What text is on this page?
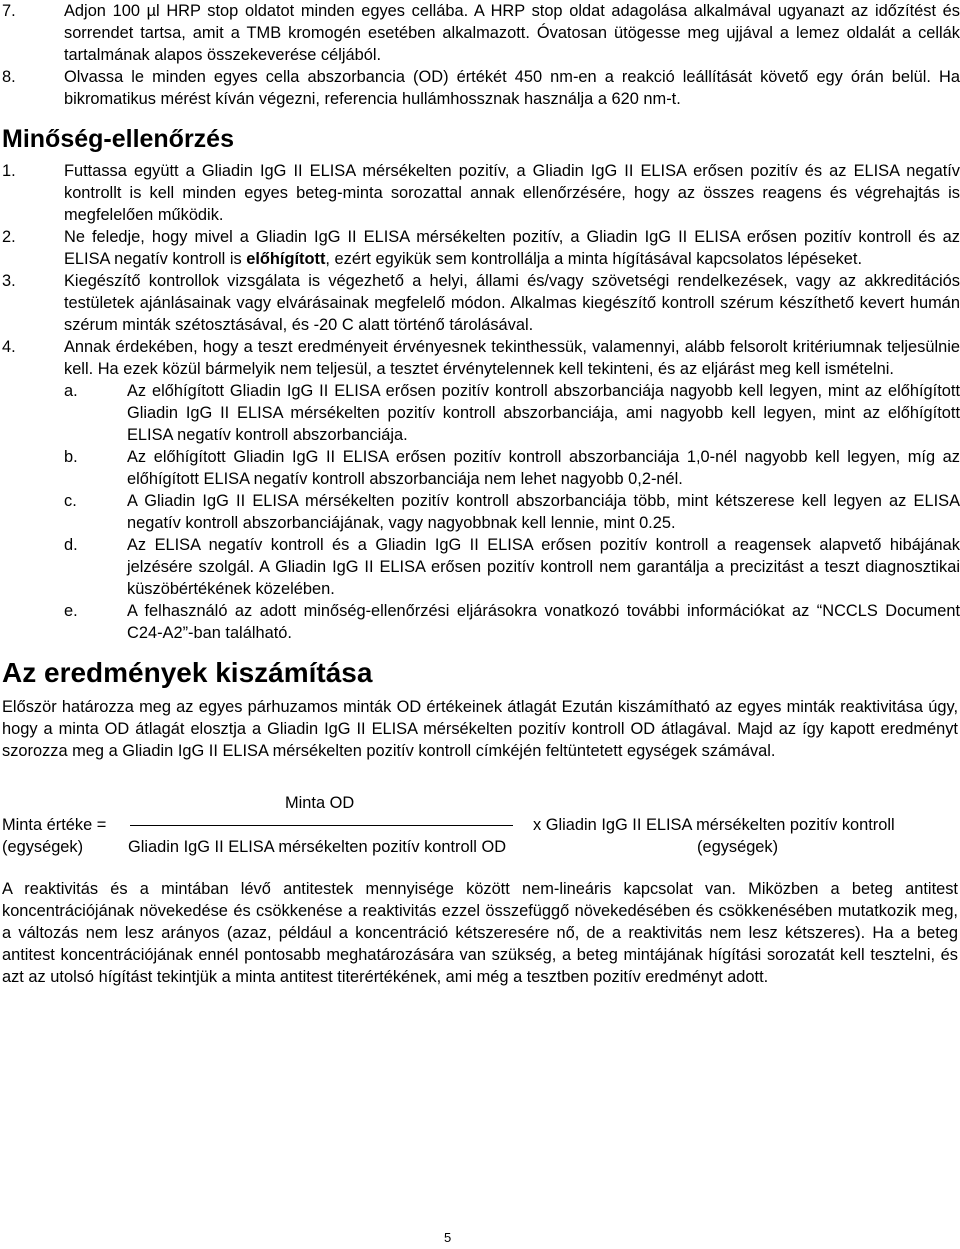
7.	Adjon 100 µl HRP stop oldatot minden egyes cellába. A HRP stop oldat adagolása alkalmával ugyanazt az időzítést és sorrendet tartsa, amit a TMB kromogén esetében alkalmazott. Óvatosan ütögesse meg ujjával a lemez oldalát a cellák tartalmának alapos összekeverése céljából.
8.	Olvassa le minden egyes cella abszorbancia (OD) értékét 450 nm-en a reakció leállítását követő egy órán belül. Ha bikromatikus mérést kíván végezni, referencia hullámhossznak használja a 620 nm-t.
Minőség-ellenőrzés
1.	Futtassa együtt a Gliadin IgG II ELISA mérsékelten pozitív, a Gliadin IgG II ELISA erősen pozitív és az ELISA negatív kontrollt is kell minden egyes beteg-minta sorozattal annak ellenőrzésére, hogy az összes reagens és végrehajtás is megfelelően működik.
2.	Ne feledje, hogy mivel a Gliadin IgG II ELISA mérsékelten pozitív, a Gliadin IgG II ELISA erősen pozitív kontroll és az ELISA negatív kontroll is előhígított, ezért egyikük sem kontrollálja a minta hígításával kapcsolatos lépéseket.
3.	Kiegészítő kontrollok vizsgálata is végezhető a helyi, állami és/vagy szövetségi rendelkezések, vagy az akkreditációs testületek ajánlásainak vagy elvárásainak megfelelő módon. Alkalmas kiegészítő kontroll szérum készíthető kevert humán szérum minták szétosztásával, és -20 C alatt történő tárolásával.
4.	Annak érdekében, hogy a teszt eredményeit érvényesnek tekinthessük, valamennyi, alább felsorolt kritériumnak teljesülnie kell. Ha ezek közül bármelyik nem teljesül, a tesztet érvénytelennek kell tekinteni, és az eljárást meg kell ismételni.
a.	Az előhígított Gliadin IgG II ELISA erősen pozitív kontroll abszorbanciája nagyobb kell legyen, mint az előhígított Gliadin IgG II ELISA mérsékelten pozitív kontroll abszorbanciája, ami nagyobb kell legyen, mint az előhígított ELISA negatív kontroll abszorbanciája.
b.	Az előhígított Gliadin IgG II ELISA erősen pozitív kontroll abszorbanciája 1,0-nél nagyobb kell legyen, míg az előhígított ELISA negatív kontroll abszorbanciája nem lehet nagyobb 0,2-nél.
c.	A Gliadin IgG II ELISA mérsékelten pozitív kontroll abszorbanciája több, mint kétszerese kell legyen az ELISA negatív kontroll abszorbanciájának, vagy nagyobbnak kell lennie, mint 0.25.
d.	Az ELISA negatív kontroll és a Gliadin IgG II ELISA erősen pozitív kontroll a reagensek alapvető hibájának jelzésére szolgál. A Gliadin IgG II ELISA erősen pozitív kontroll nem garantálja a precizitást a teszt diagnosztikai küszöbértékének közelében.
e.	A felhasználó az adott minőség-ellenőrzési eljárásokra vonatkozó további információkat az “NCCLS Document C24-A2”-ban található.
Az eredmények kiszámítása
Először határozza meg az egyes párhuzamos minták OD értékeinek átlagát Ezután kiszámítható az egyes minták reaktivitása úgy, hogy a minta OD átlagát elosztja a Gliadin IgG II ELISA mérsékelten pozitív kontroll OD átlagával. Majd az így kapott eredményt szorozza meg a Gliadin IgG II ELISA mérsékelten pozitív kontroll címkéjén feltüntetett egységek számával.
Minta OD
Minta értéke =	x Gliadin IgG II ELISA mérsékelten pozitív kontroll
(egységek)	Gliadin IgG II ELISA mérsékelten pozitív kontroll OD	(egységek)
A reaktivitás és a mintában lévő antitestek mennyisége között nem-lineáris kapcsolat van. Miközben a beteg antitest koncentrációjának növekedése és csökkenése a reaktivitás ezzel összefüggő növekedésében és csökkenésében mutatkozik meg, a változás nem lesz arányos (azaz, például a koncentráció kétszeresére nő, de a reaktivitás nem lesz kétszeres). Ha a beteg antitest koncentrációjának ennél pontosabb meghatározására van szükség, a beteg mintájának hígítási sorozatát kell tesztelni, és azt az utolsó hígítást tekintjük a minta antitest titerértékének, ami még a tesztben pozitív eredményt adott.
5
